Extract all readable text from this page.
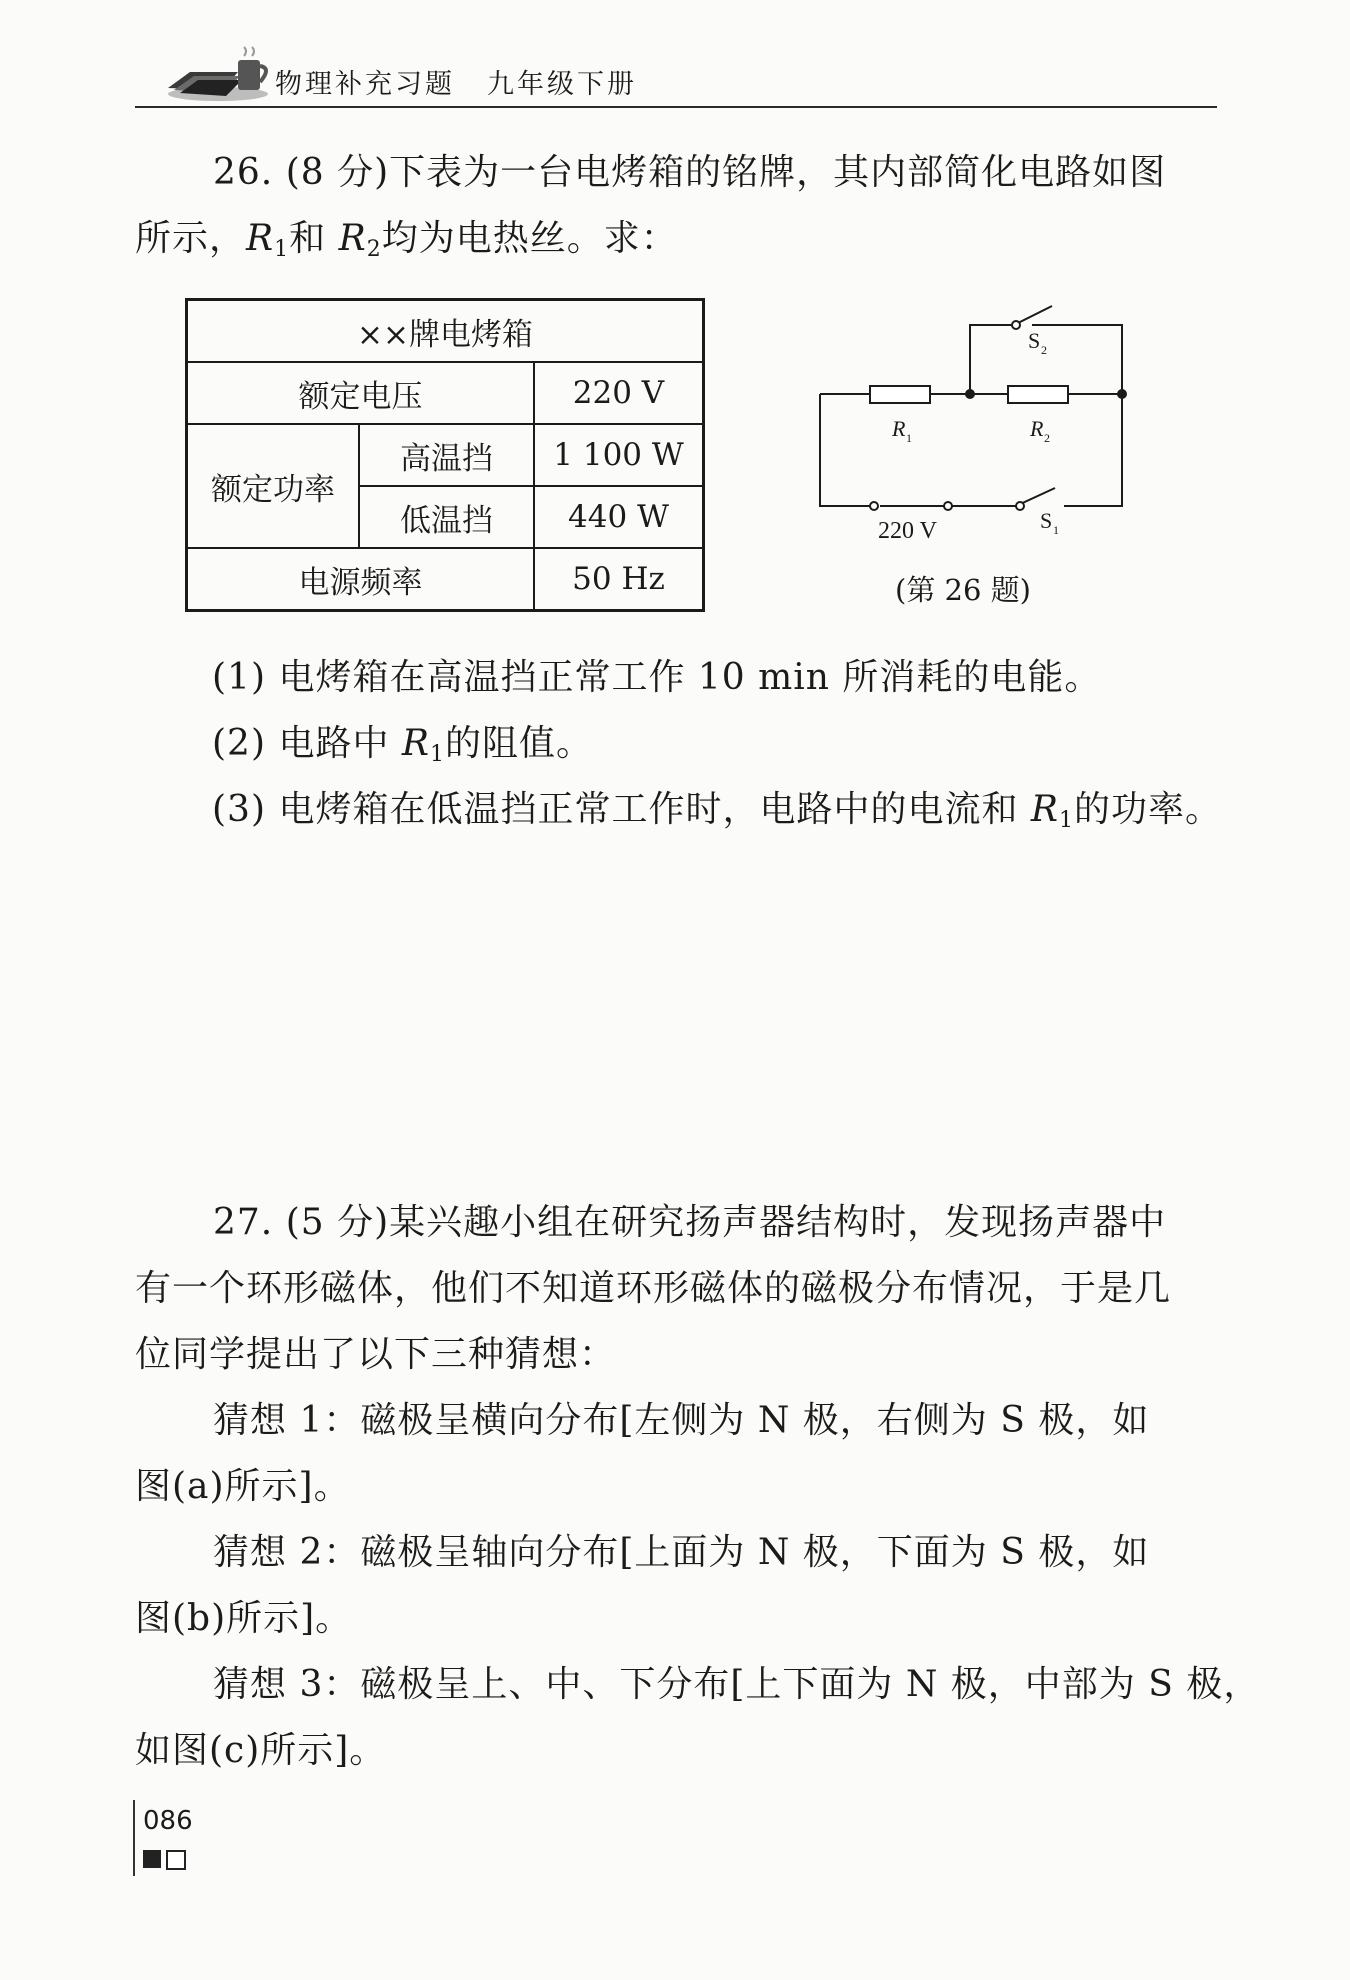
物理补充习题 九年级下册
26. (8 分)下表为一台电烤箱的铭牌，其内部简化电路如图
所示，$R_1$和 $R_2$均为电热丝。求：
××牌电烤箱		
额定电压		220 V
额定功率	高温挡	1 100 W
	低温挡	440 W
电源频率		50 Hz
R 1	R 2
S 2
S 1
220 V
(第 26 题)
(1) 电烤箱在高温挡正常工作 10 min 所消耗的电能。
(2) 电路中 $R_1$的阻值。
(3) 电烤箱在低温挡正常工作时，电路中的电流和 $R_1$的功率。
27. (5 分)某兴趣小组在研究扬声器结构时，发现扬声器中
有一个环形磁体，他们不知道环形磁体的磁极分布情况，于是几
位同学提出了以下三种猜想：
猜想 1：磁极呈横向分布[左侧为 N 极，右侧为 S 极，如
图(a)所示]。
猜想 2：磁极呈轴向分布[上面为 N 极，下面为 S 极，如
图(b)所示]。
猜想 3：磁极呈上、中、下分布[上下面为 N 极，中部为 S 极，
如图(c)所示]。
086
